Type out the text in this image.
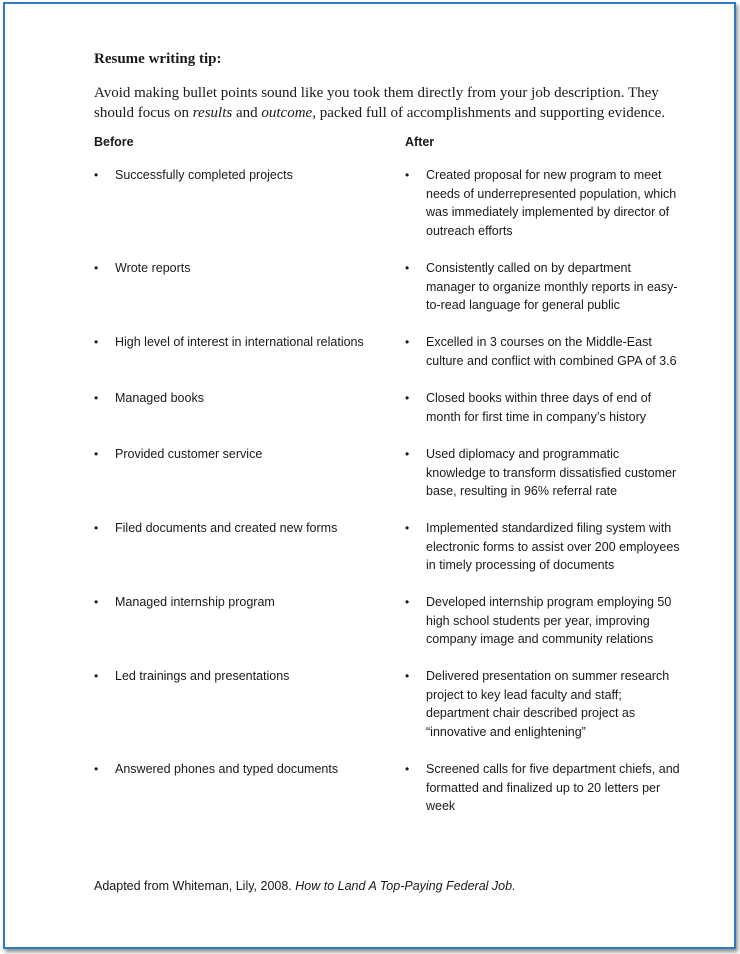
Resume writing tip:
Avoid making bullet points sound like you took them directly from your job description. They should focus on results and outcome, packed full of accomplishments and supporting evidence.
Before	After
• Successfully completed projects	• Created proposal for new program to meet
needs of underrepresented population, which
was immediately implemented by director of
outreach efforts
• Wrote reports	• Consistently called on by department
manager to organize monthly reports in easy-
to-read language for general public
• High level of interest in international relations	• Excelled in 3 courses on the Middle-East
culture and conflict with combined GPA of 3.6
• Managed books	• Closed books within three days of end of
month for first time in company’s history
• Provided customer service	• Used diplomacy and programmatic
knowledge to transform dissatisfied customer
base, resulting in 96% referral rate
• Filed documents and created new forms	• Implemented standardized filing system with
electronic forms to assist over 200 employees
in timely processing of documents
• Managed internship program	• Developed internship program employing 50
high school students per year, improving
company image and community relations
• Led trainings and presentations	• Delivered presentation on summer research
project to key lead faculty and staff;
department chair described project as
“innovative and enlightening”
• Answered phones and typed documents	• Screened calls for five department chiefs, and
formatted and finalized up to 20 letters per
week
Adapted from Whiteman, Lily, 2008. How to Land A Top-Paying Federal Job.
